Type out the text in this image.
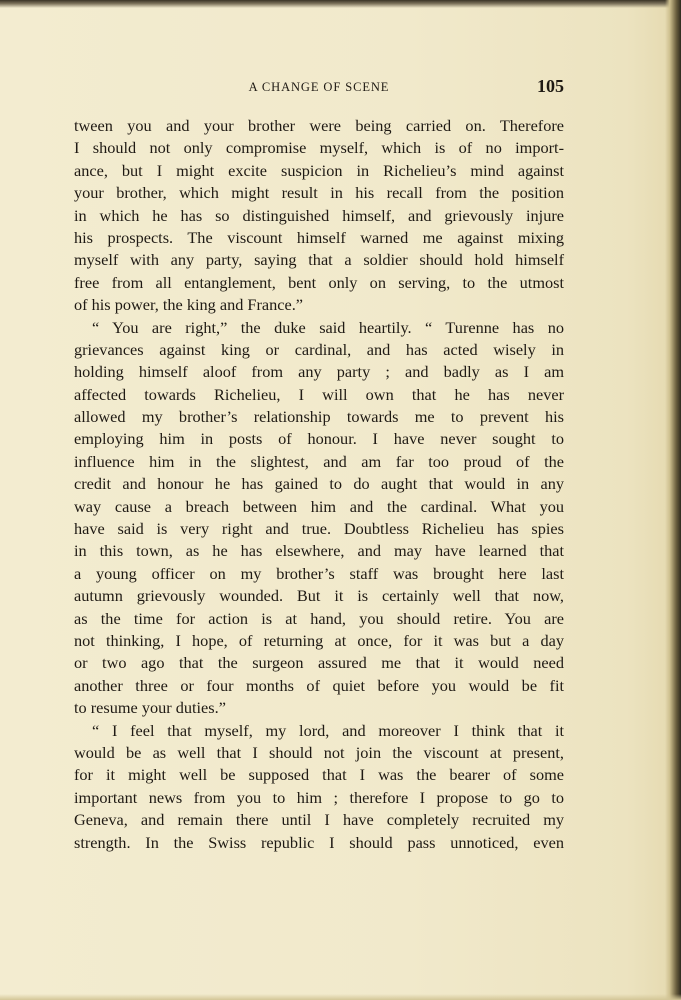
A CHANGE OF SCENE	105
tween you and your brother were being carried on. Therefore
I should not only compromise myself, which is of no import-
ance, but I might excite suspicion in Richelieu’s mind against
your brother, which might result in his recall from the position
in which he has so distinguished himself, and grievously injure
his prospects. The viscount himself warned me against mixing
myself with any party, saying that a soldier should hold himself
free from all entanglement, bent only on serving, to the utmost
of his power, the king and France.”
“ You are right,” the duke said heartily. “ Turenne has no
grievances against king or cardinal, and has acted wisely in
holding himself aloof from any party ; and badly as I am
affected towards Richelieu, I will own that he has never
allowed my brother’s relationship towards me to prevent his
employing him in posts of honour. I have never sought to
influence him in the slightest, and am far too proud of the
credit and honour he has gained to do aught that would in any
way cause a breach between him and the cardinal. What you
have said is very right and true. Doubtless Richelieu has spies
in this town, as he has elsewhere, and may have learned that
a young officer on my brother’s staff was brought here last
autumn grievously wounded. But it is certainly well that now,
as the time for action is at hand, you should retire. You are
not thinking, I hope, of returning at once, for it was but a day
or two ago that the surgeon assured me that it would need
another three or four months of quiet before you would be fit
to resume your duties.”
“ I feel that myself, my lord, and moreover I think that it
would be as well that I should not join the viscount at present,
for it might well be supposed that I was the bearer of some
important news from you to him ; therefore I propose to go to
Geneva, and remain there until I have completely recruited my
strength. In the Swiss republic I should pass unnoticed, even
